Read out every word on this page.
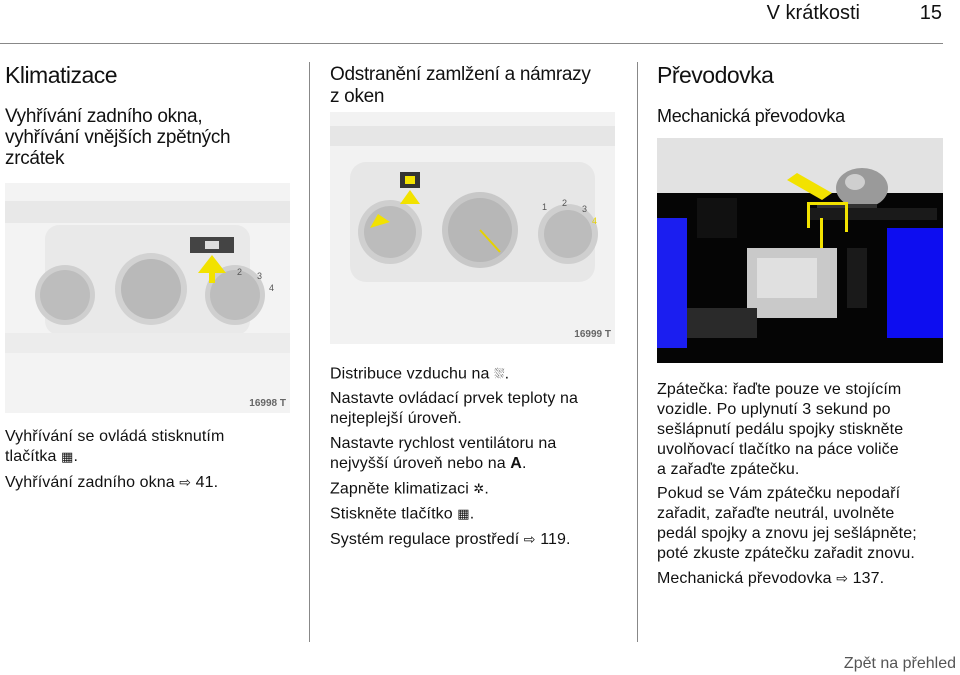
V krátkosti	15
Klimatizace
Vyhřívání zadního okna,
vyhřívání vnějších zpětných
zrcátek
2 3
4
16998 T
Vyhřívání se ovládá stisknutím
tlačítka ▦.
Vyhřívání zadního okna ⇨ 41.
Odstranění zamlžení a námrazy
z oken
1 2
3
4
16999 T
Distribuce vzduchu na ⛆.
Nastavte ovládací prvek teploty na
nejteplejší úroveň.
Nastavte rychlost ventilátoru na
nejvyšší úroveň nebo na A.
Zapněte klimatizaci ✲.
Stiskněte tlačítko ▦.
Systém regulace prostředí ⇨ 119.
Převodovka
Mechanická převodovka
Zpátečka: řaďte pouze ve stojícím
vozidle. Po uplynutí 3 sekund po
sešlápnutí pedálu spojky stiskněte
uvolňovací tlačítko na páce voliče
a zařaďte zpátečku.
Pokud se Vám zpátečku nepodaří
zařadit, zařaďte neutrál, uvolněte
pedál spojky a znovu jej sešlápněte;
poté zkuste zpátečku zařadit znovu.
Mechanická převodovka ⇨ 137.
Zpět na přehled
